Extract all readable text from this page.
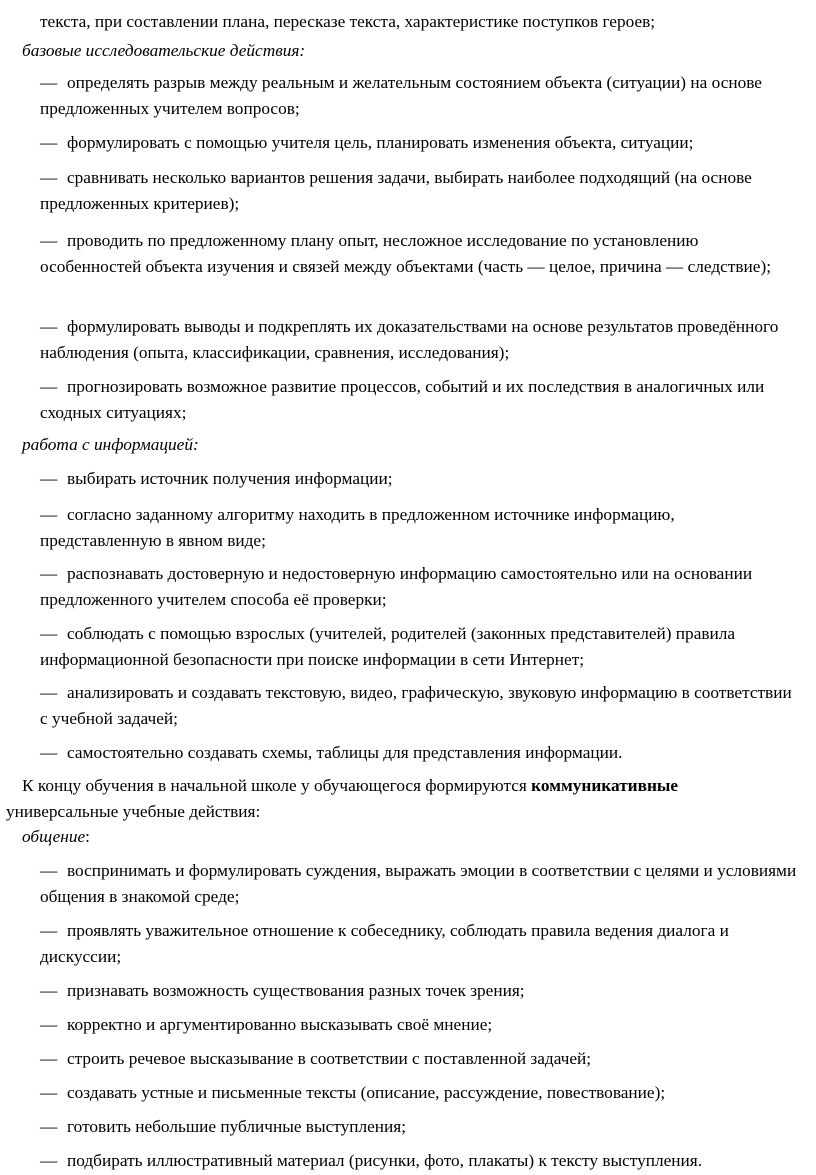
текста, при составлении плана, пересказе текста, характеристике поступков героев;
базовые исследовательские действия:
— определять разрыв между реальным и желательным состоянием объекта (ситуации) на основе предложенных учителем вопросов;
— формулировать с помощью учителя цель, планировать изменения объекта, ситуации;
— сравнивать несколько вариантов решения задачи, выбирать наиболее подходящий (на основе предложенных критериев);
— проводить по предложенному плану опыт, несложное исследование по установлению особенностей объекта изучения и связей между объектами (часть — целое, причина — следствие);
— формулировать выводы и подкреплять их доказательствами на основе результатов проведённого наблюдения (опыта, классификации, сравнения, исследования);
— прогнозировать возможное развитие процессов, событий и их последствия в аналогичных или сходных ситуациях;
работа с информацией:
— выбирать источник получения информации;
— согласно заданному алгоритму находить в предложенном источнике информацию, представленную в явном виде;
— распознавать достоверную и недостоверную информацию самостоятельно или на основании предложенного учителем способа её проверки;
— соблюдать с помощью взрослых (учителей, родителей (законных представителей) правила информационной безопасности при поиске информации в сети Интернет;
— анализировать и создавать текстовую, видео, графическую, звуковую информацию в соответствии с учебной задачей;
— самостоятельно создавать схемы, таблицы для представления информации.
К концу обучения в начальной школе у обучающегося формируются коммуникативные
универсальные учебные действия:
общение:
— воспринимать и формулировать суждения, выражать эмоции в соответствии с целями и условиями общения в знакомой среде;
— проявлять уважительное отношение к собеседнику, соблюдать правила ведения диалога и дискуссии;
— признавать возможность существования разных точек зрения;
— корректно и аргументированно высказывать своё мнение;
— строить речевое высказывание в соответствии с поставленной задачей;
— создавать устные и письменные тексты (описание, рассуждение, повествование);
— готовить небольшие публичные выступления;
— подбирать иллюстративный материал (рисунки, фото, плакаты) к тексту выступления.
